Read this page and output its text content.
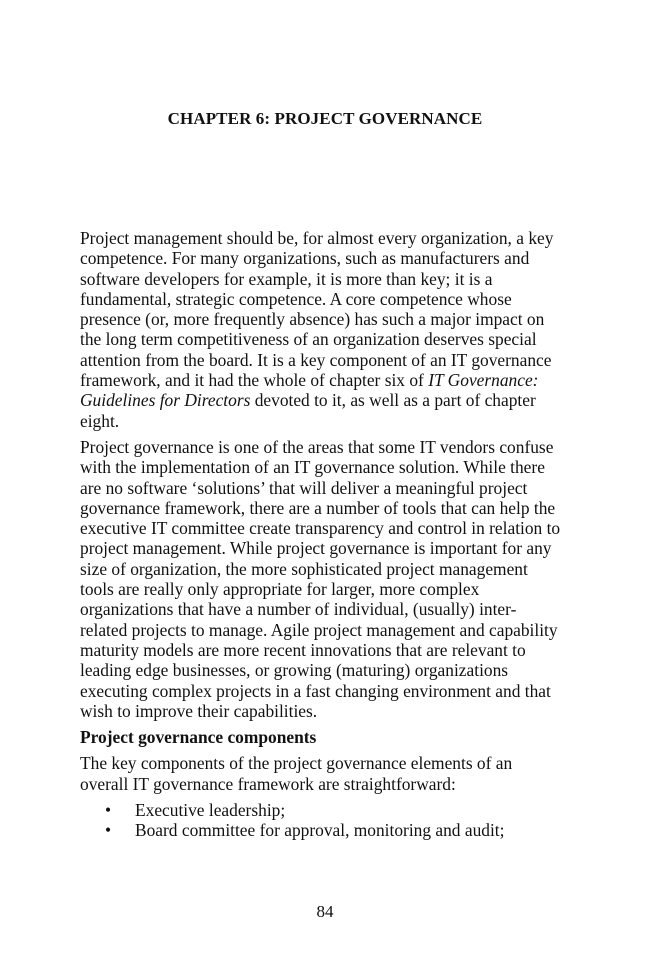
CHAPTER 6: PROJECT GOVERNANCE

Project management should be, for almost every organization, a key
competence. For many organizations, such as manufacturers and
software developers for example, it is more than key; it is a
fundamental, strategic competence. A core competence whose
presence (or, more frequently absence) has such a major impact on
the long term competitiveness of an organization deserves special
attention from the board. It is a key component of an IT governance
framework, and it had the whole of chapter six of IT Governance:
Guidelines for Directors devoted to it, as well as a part of chapter
eight.

Project governance is one of the areas that some IT vendors confuse
with the implementation of an IT governance solution. While there
are no software ‘solutions’ that will deliver a meaningful project
governance framework, there are a number of tools that can help the
executive IT committee create transparency and control in relation to
project management. While project governance is important for any
size of organization, the more sophisticated project management
tools are really only appropriate for larger, more complex
organizations that have a number of individual, (usually) inter-
related projects to manage. Agile project management and capability
maturity models are more recent innovations that are relevant to
leading edge businesses, or growing (maturing) organizations
executing complex projects in a fast changing environment and that
wish to improve their capabilities.

Project governance components

The key components of the project governance elements of an
overall IT governance framework are straightforward:

• Executive leadership;
• Board committee for approval, monitoring and audit;
84
